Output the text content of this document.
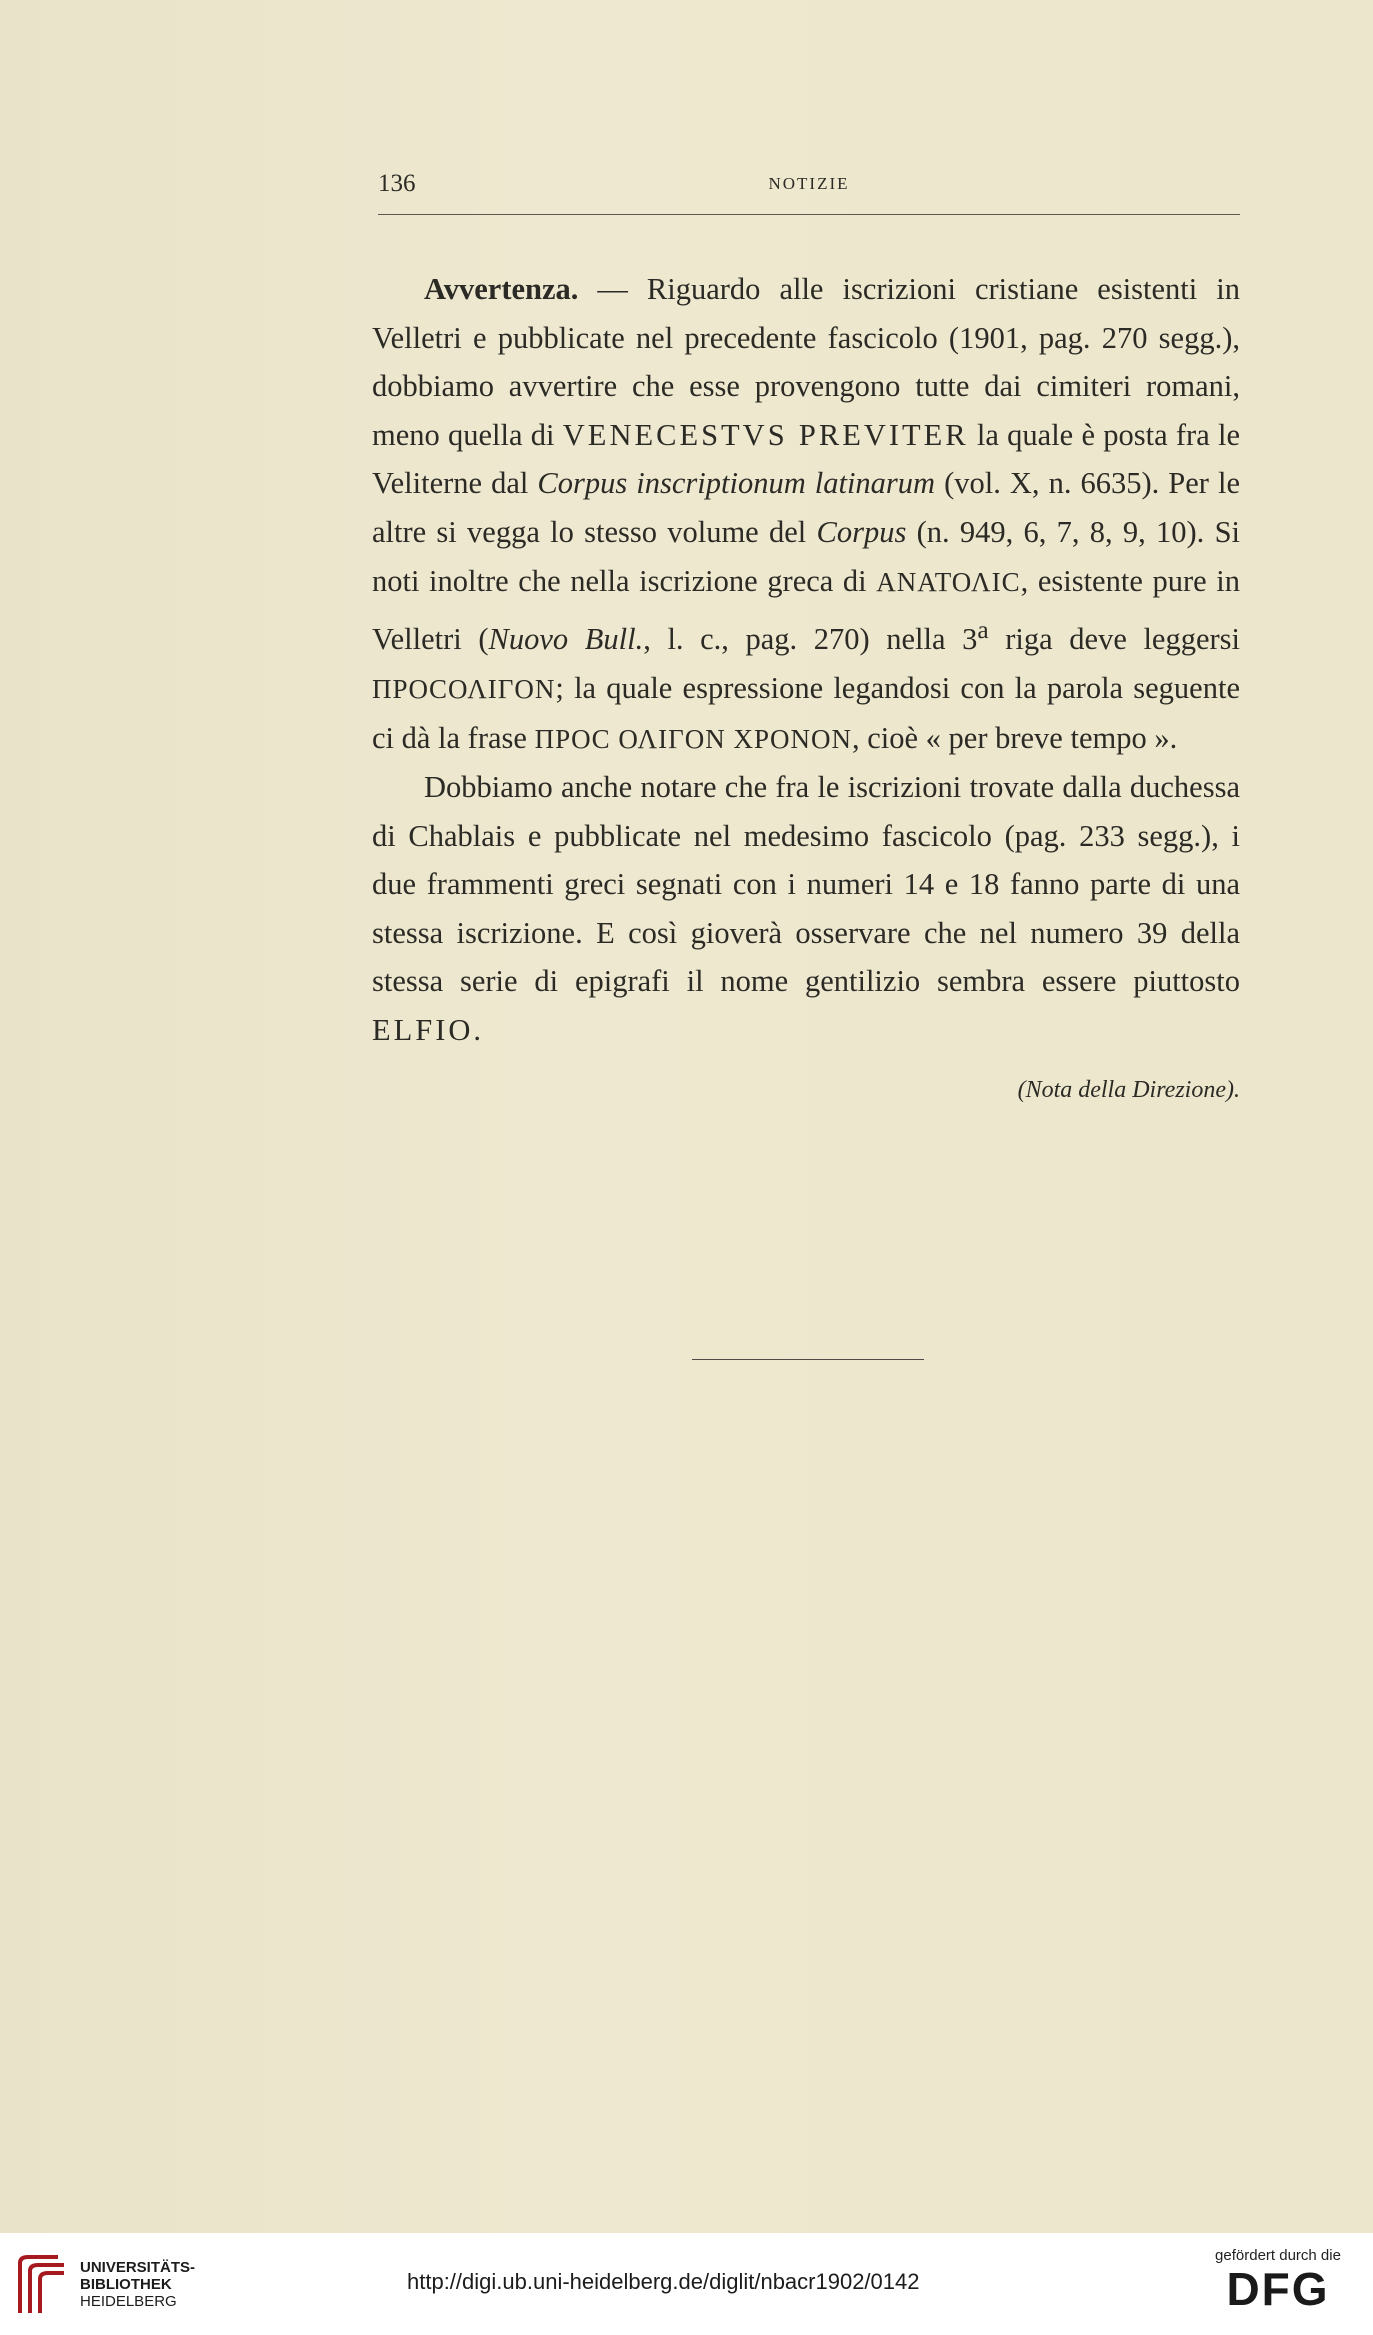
136	NOTIZIE

Avvertenza. — Riguardo alle iscrizioni cristiane esistenti in Velletri e pubblicate nel precedente fascicolo (1901, pag. 270 segg.), dobbiamo avvertire che esse provengono tutte dai cimiteri romani, meno quella di VENECESTVS PREVITER la quale è posta fra le Veliterne dal Corpus inscriptionum latinarum (vol. X, n. 6635). Per le altre si vegga lo stesso volume del Corpus (n. 949, 6, 7, 8, 9, 10). Si noti inoltre che nella iscrizione greca di ΑΝΑΤΟΛΙC, esistente pure in Velletri (Nuovo Bull., l. c., pag. 270) nella 3$^a$ riga deve leggersi ΠΡΟCΟΛΙΓΟΝ; la quale espressione legandosi con la parola seguente ci dà la frase ΠΡΟC ΟΛΙΓΟΝ ΧΡΟΝΟΝ, cioè « per breve tempo ».

Dobbiamo anche notare che fra le iscrizioni trovate dalla duchessa di Chablais e pubblicate nel medesimo fascicolo (pag. 233 segg.), i due frammenti greci segnati con i numeri 14 e 18 fanno parte di una stessa iscrizione. E così gioverà osservare che nel numero 39 della stessa serie di epigrafi il nome gentilizio sembra essere piuttosto ELFIO.

(Nota della Direzione).
UNIVERSITÄTS-
BIBLIOTHEK
HEIDELBERG
http://digi.ub.uni-heidelberg.de/diglit/nbacr1902/0142
gefördert durch die
DFG
